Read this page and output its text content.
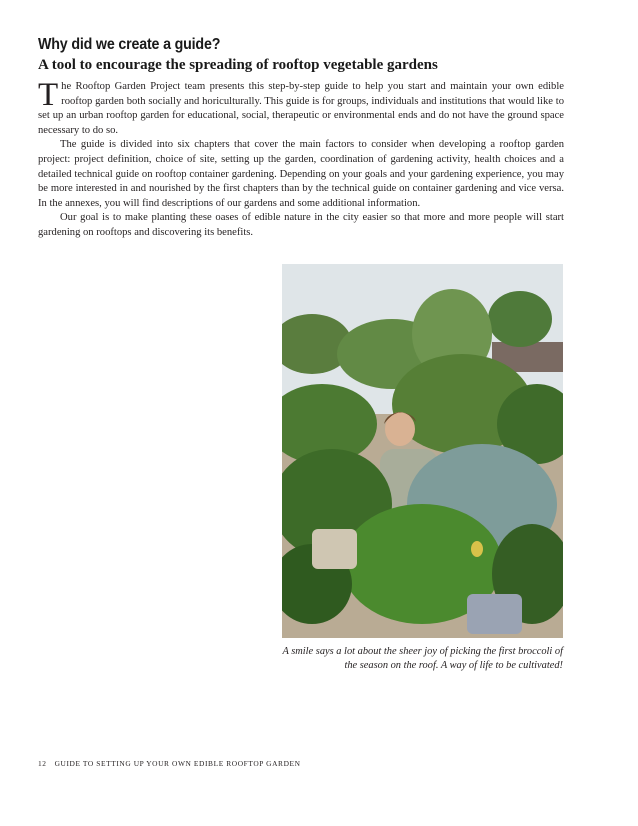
Why did we create a guide?
A tool to encourage the spreading of rooftop vegetable gardens

The Rooftop Garden Project team presents this step-by-step guide to help you start and maintain your own edible rooftop garden both socially and horiculturally. This guide is for groups, individuals and institutions that would like to set up an urban rooftop garden for educational, social, therapeutic or environmental ends and do not have the ground space necessary to do so.

The guide is divided into six chapters that cover the main factors to consider when developing a rooftop garden project: project definition, choice of site, setting up the garden, coordination of gardening activity, health choices and a detailed technical guide on rooftop container gardening. Depending on your goals and your gardening experience, you may be more interested in and nourished by the first chapters than by the technical guide on container gardening and vice versa. In the annexes, you will find descriptions of our gardens and some additional information.

Our goal is to make planting these oases of edible nature in the city easier so that more and more people will start gardening on rooftops and discovering its benefits.

A smile says a lot about the sheer joy of picking the first broccoli of the season on the roof. A way of life to be cultivated!
12 GUIDE TO SETTING UP YOUR OWN EDIBLE ROOFTOP GARDEN
